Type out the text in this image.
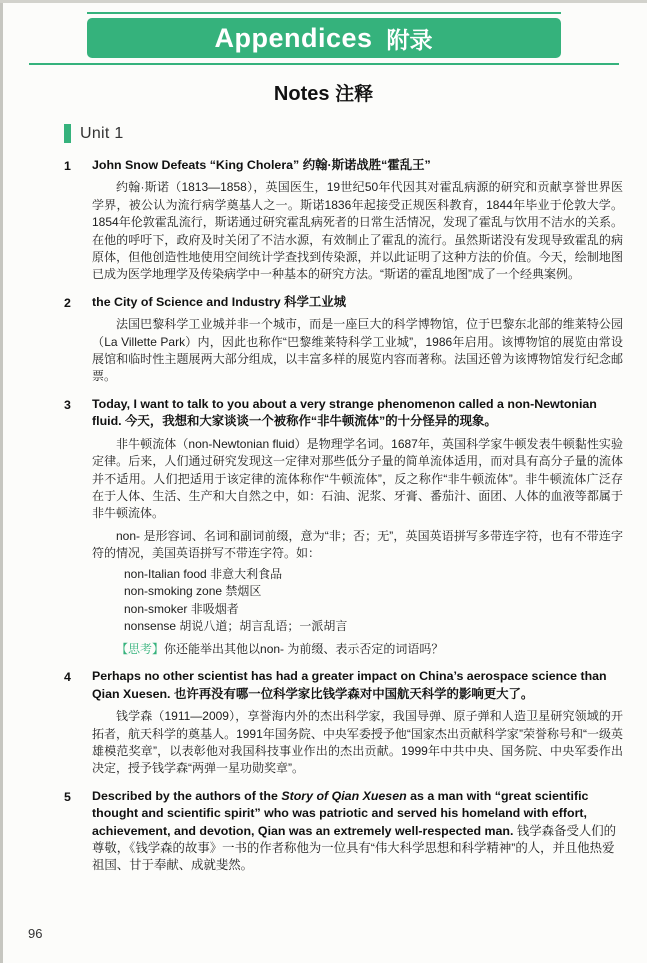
Appendices 附录
Notes 注释
Unit 1
1	John Snow Defeats “King Cholera” 约翰·斯诺战胜“霍乱王”

约翰·斯诺（1813—1858），英国医生，19世纪50年代因其对霍乱病源的研究和贡献享誉世界医学界，被公认为流行病学奠基人之一。斯诺1836年起接受正规医科教育，1844年毕业于伦敦大学。1854年伦敦霍乱流行，斯诺通过研究霍乱病死者的日常生活情况，发现了霍乱与饮用不洁水的关系。在他的呼吁下，政府及时关闭了不洁水源，有效制止了霍乱的流行。虽然斯诺没有发现导致霍乱的病原体，但他创造性地使用空间统计学查找到传染源，并以此证明了这种方法的价值。今天，绘制地图已成为医学地理学及传染病学中一种基本的研究方法。“斯诺的霍乱地图”成了一个经典案例。

2	the City of Science and Industry 科学工业城

法国巴黎科学工业城并非一个城市，而是一座巨大的科学博物馆，位于巴黎东北部的维莱特公园（La Villette Park）内，因此也称作“巴黎维莱特科学工业城”，1986年启用。该博物馆的展览由常设展馆和临时性主题展两大部分组成，以丰富多样的展览内容而著称。法国还曾为该博物馆发行纪念邮票。

3	Today, I want to talk to you about a very strange phenomenon called a non-Newtonian fluid. 今天，我想和大家谈谈一个被称作“非牛顿流体”的十分怪异的现象。

非牛顿流体（non-Newtonian fluid）是物理学名词。1687年，英国科学家牛顿发表牛顿黏性实验定律。后来，人们通过研究发现这一定律对那些低分子量的简单流体适用，而对具有高分子量的流体并不适用。人们把适用于该定律的流体称作“牛顿流体”，反之称作“非牛顿流体”。非牛顿流体广泛存在于人体、生活、生产和大自然之中，如：石油、泥浆、牙膏、番茄汁、面团、人体的血液等都属于非牛顿流体。

non- 是形容词、名词和副词前缀，意为“非；否；无”，英国英语拼写多带连字符，也有不带连字符的情况，美国英语拼写不带连字符。如：

non-Italian food 非意大利食品
non-smoking zone 禁烟区
non-smoker 非吸烟者
nonsense 胡说八道；胡言乱语；一派胡言
【思考】你还能举出其他以non- 为前缀、表示否定的词语吗？
4	Perhaps no other scientist has had a greater impact on China’s aerospace science than Qian Xuesen. 也许再没有哪一位科学家比钱学森对中国航天科学的影响更大了。

钱学森（1911—2009），享誉海内外的杰出科学家，我国导弹、原子弹和人造卫星研究领域的开拓者，航天科学的奠基人。1991年国务院、中央军委授予他“国家杰出贡献科学家”荣誉称号和“一级英雄模范奖章”，以表彰他对我国科技事业作出的杰出贡献。1999年中共中央、国务院、中央军委作出决定，授予钱学森“两弹一星功勋奖章”。

5	Described by the authors of the Story of Qian Xuesen as a man with “great scientific thought and scientific spirit” who was patriotic and served his homeland with effort, achievement, and devotion, Qian was an extremely well-respected man. 钱学森备受人们的尊敬，《钱学森的故事》一书的作者称他为一位具有“伟大科学思想和科学精神”的人，并且他热爱祖国、甘于奉献、成就斐然。
96
